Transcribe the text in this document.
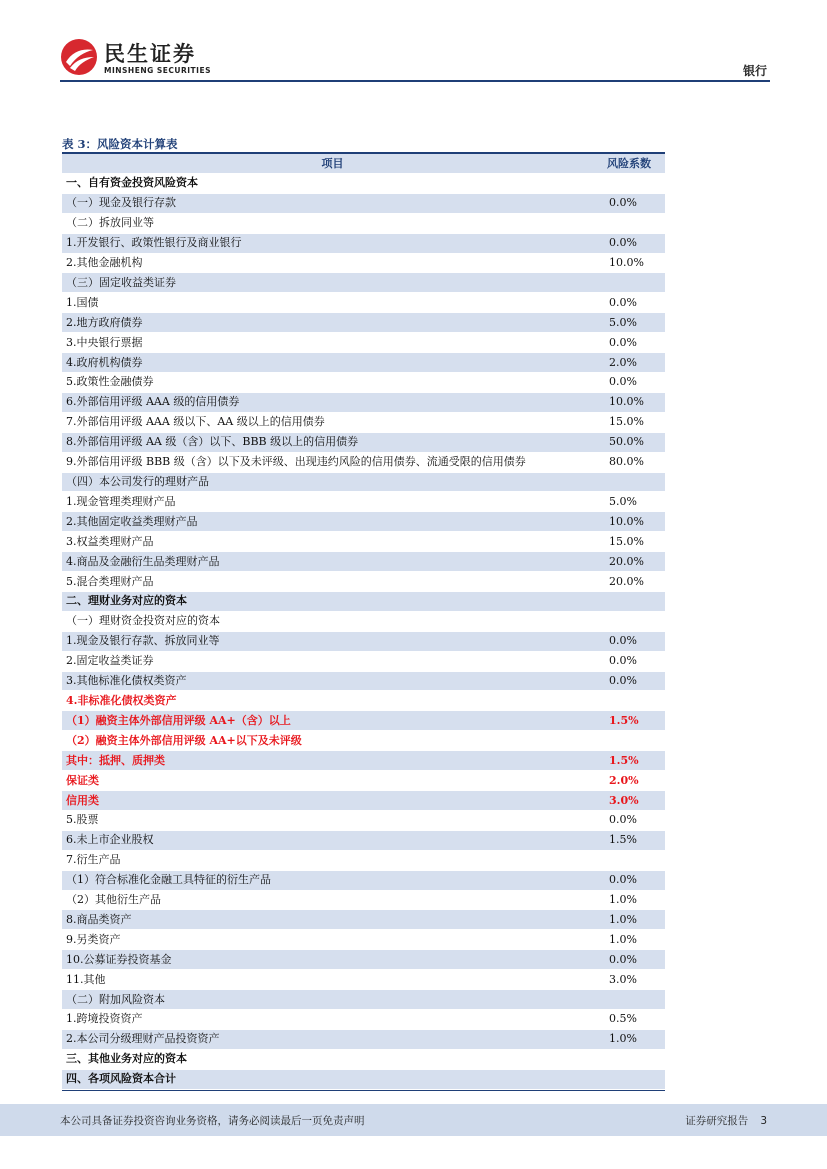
民生证券
MINSHENG SECURITIES	银行
表 3：风险资本计算表
项目	风险系数
一、自有资金投资风险资本
（一）现金及银行存款	0.0%
（二）拆放同业等
1.开发银行、政策性银行及商业银行	0.0%
2.其他金融机构	10.0%
（三）固定收益类证券
1.国债	0.0%
2.地方政府债券	5.0%
3.中央银行票据	0.0%
4.政府机构债券	2.0%
5.政策性金融债券	0.0%
6.外部信用评级 AAA 级的信用债券	10.0%
7.外部信用评级 AAA 级以下、AA 级以上的信用债券	15.0%
8.外部信用评级 AA 级（含）以下、BBB 级以上的信用债券	50.0%
9.外部信用评级 BBB 级（含）以下及未评级、出现违约风险的信用债券、流通受限的信用债券	80.0%
（四）本公司发行的理财产品
1.现金管理类理财产品	5.0%
2.其他固定收益类理财产品	10.0%
3.权益类理财产品	15.0%
4.商品及金融衍生品类理财产品	20.0%
5.混合类理财产品	20.0%
二、理财业务对应的资本
（一）理财资金投资对应的资本
1.现金及银行存款、拆放同业等	0.0%
2.固定收益类证券	0.0%
3.其他标准化债权类资产	0.0%
4.非标准化债权类资产
（1）融资主体外部信用评级 AA+（含）以上	1.5%
（2）融资主体外部信用评级 AA+以下及未评级
其中：抵押、质押类	1.5%
保证类	2.0%
信用类	3.0%
5.股票	0.0%
6.未上市企业股权	1.5%
7.衍生产品
（1）符合标准化金融工具特征的衍生产品	0.0%
（2）其他衍生产品	1.0%
8.商品类资产	1.0%
9.另类资产	1.0%
10.公募证券投资基金	0.0%
11.其他	3.0%
（二）附加风险资本
1.跨境投资资产	0.5%
2.本公司分级理财产品投资资产	1.0%
三、其他业务对应的资本
四、各项风险资本合计
本公司具备证券投资咨询业务资格，请务必阅读最后一页免责声明	证券研究报告 3
